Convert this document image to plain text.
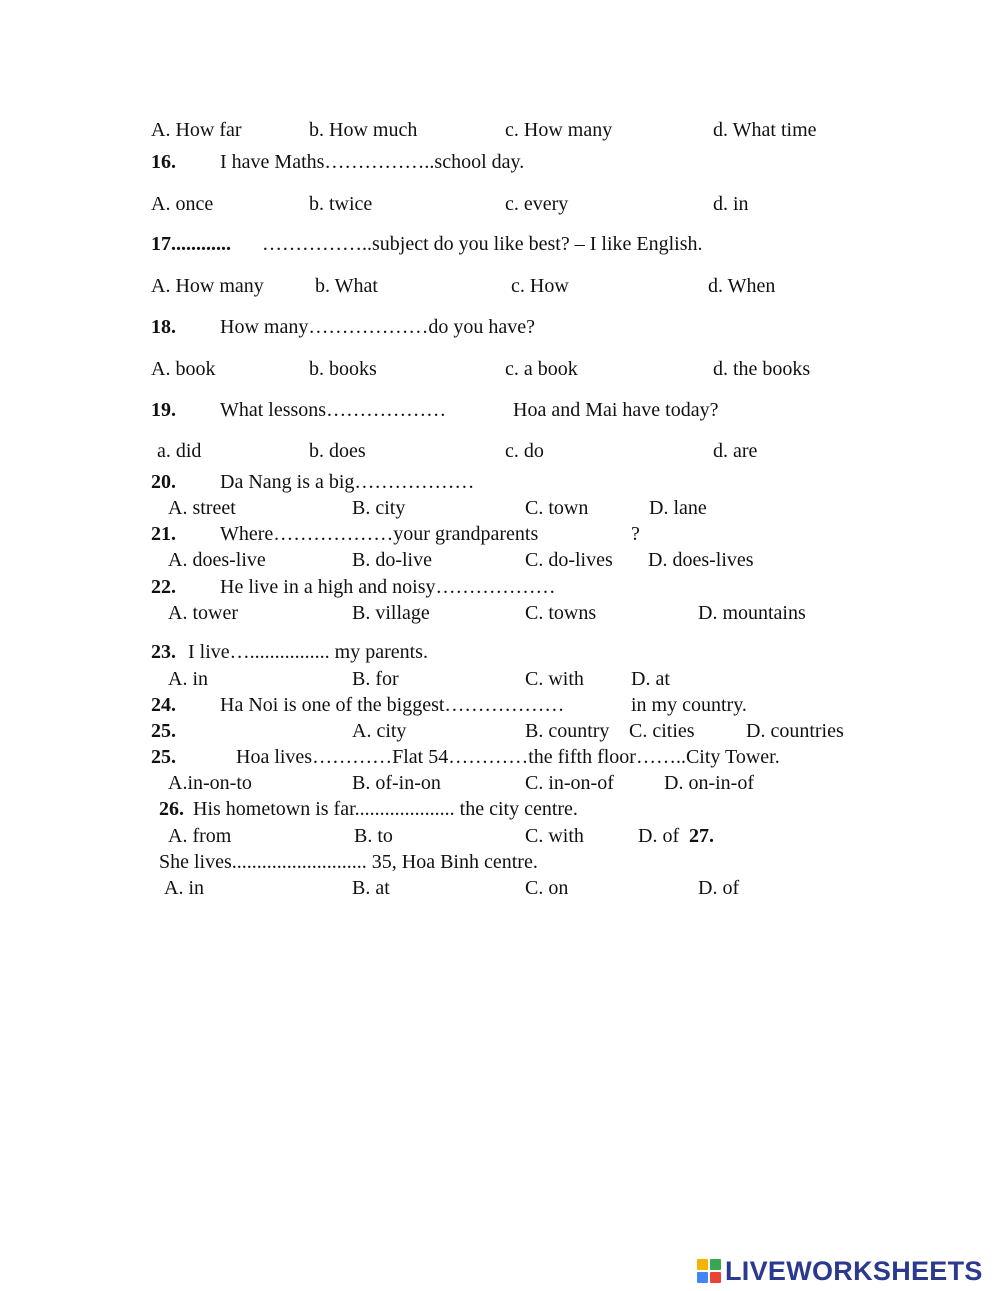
A. How far	b. How much	c. How many	d. What time
16. I have Maths……………..school day.
A. once	b. twice	c. every	d. in
17............ ……………..subject do you like best? – I like English.
A. How many	b. What	c. How	d. When
18. How many………………do you have?
A. book	b. books	c. a book	d. the books
19. What lessons………………	Hoa and Mai have today?
a. did	b. does	c. do	d. are
20. Da Nang is a big………………
A. street	B. city	C. town	D. lane
21. Where………………your grandparents	?
A. does-live	B. do-live	C. do-lives D. does-lives
22. He live in a high and noisy………………
A. tower	B. village	C. towns	D. mountains
23. I live…................ my parents.
A. in	B. for	C. with D. at
24. Ha Noi is one of the biggest………………	in my country.
25.	A. city	B. country C. cities	D. countries
25.	Hoa lives…………Flat 54…………the fifth floor……..City Tower.
A.in-on-to	B. of-in-on	C. in-on-of	D. on-in-of
26. His hometown is far.................... the city centre.
A. from	B. to	C. with	D. of 27.
She lives........................... 35, Hoa Binh centre.
A. in	B. at	C. on	D. of
LIVEWORKSHEETS
